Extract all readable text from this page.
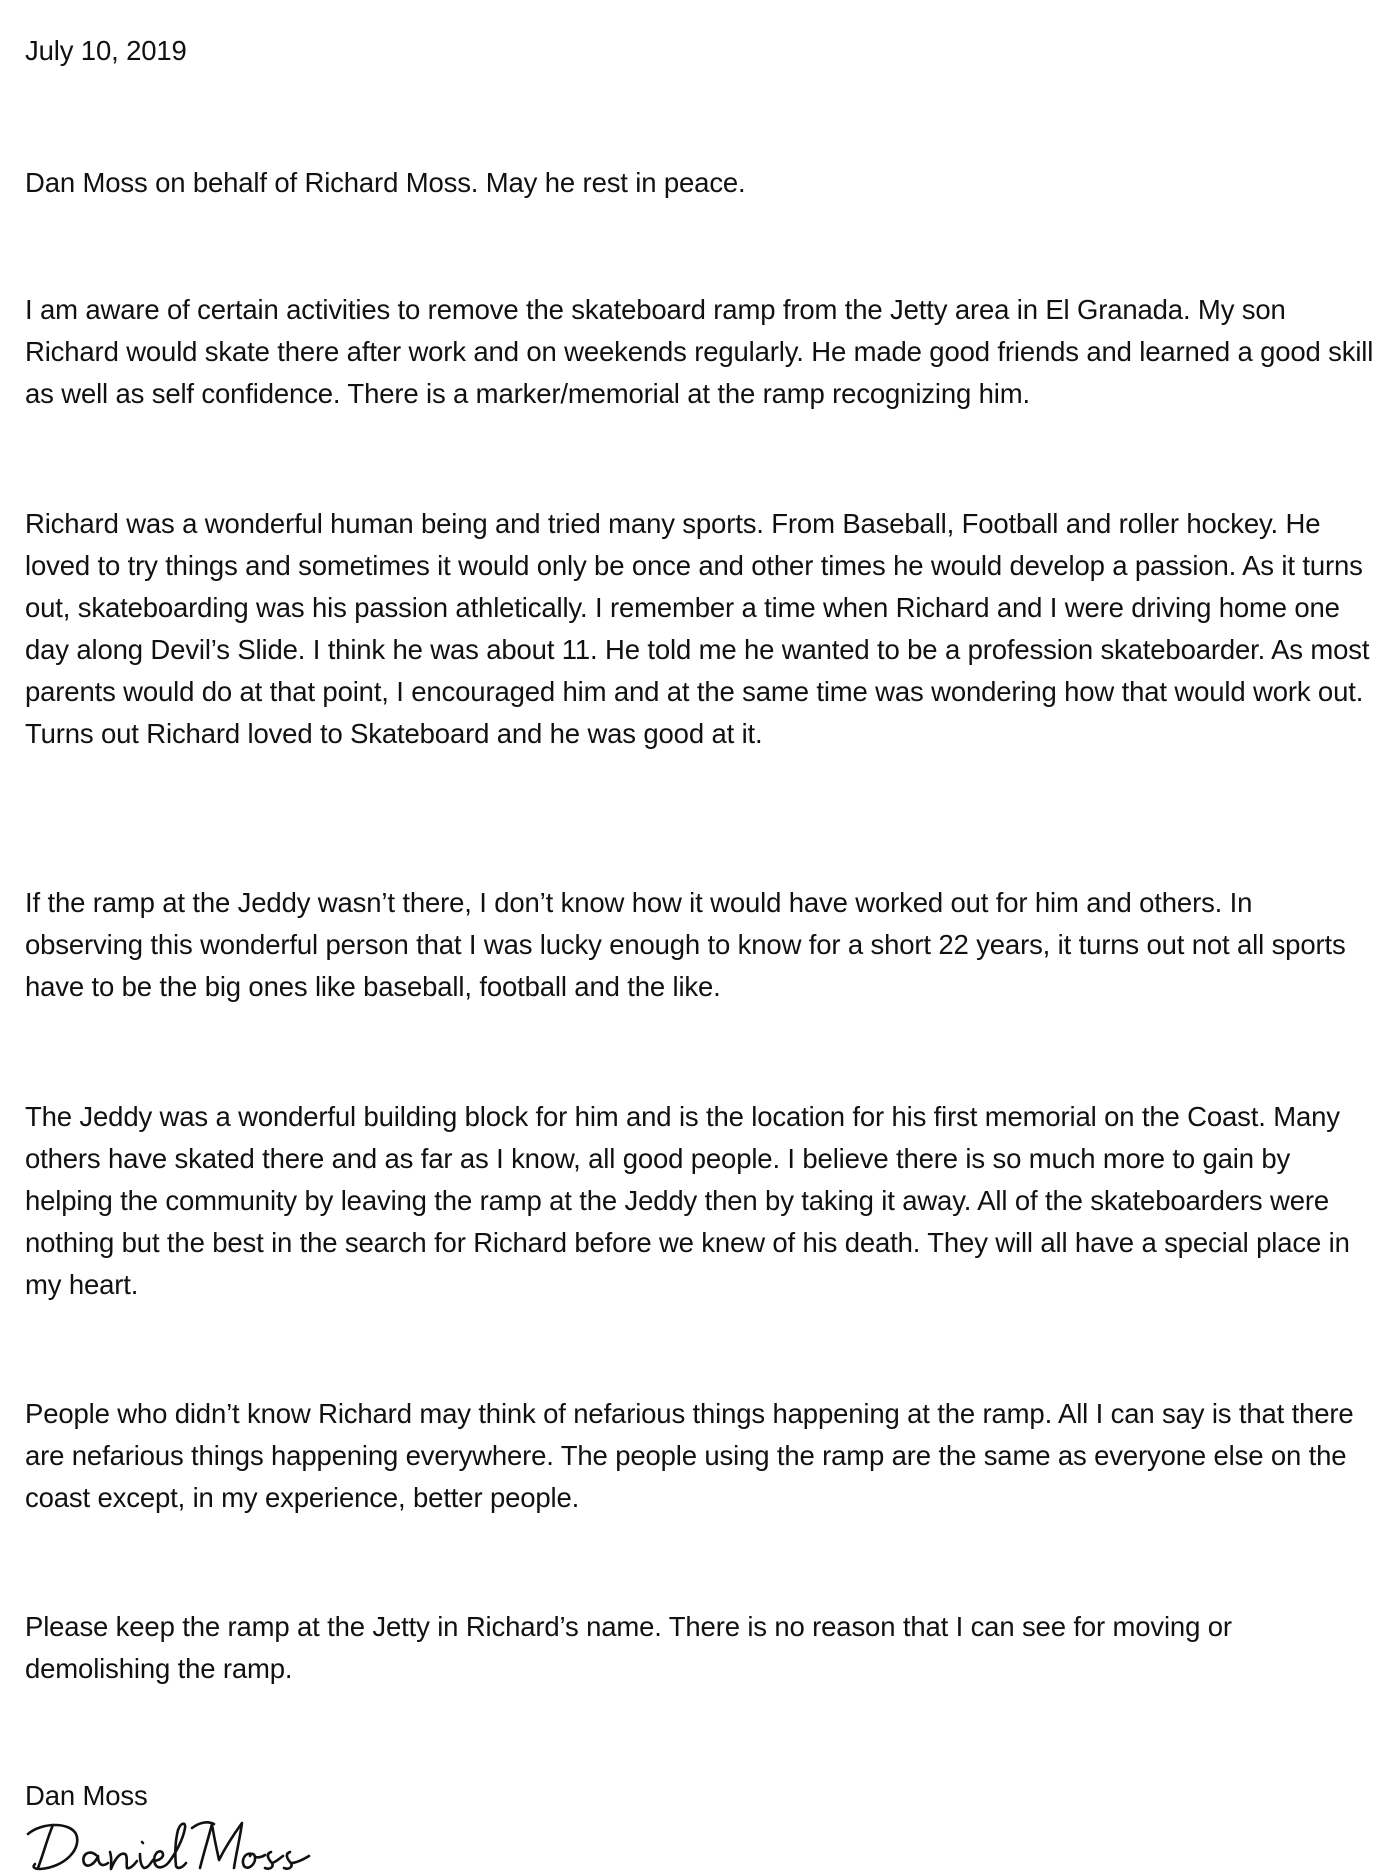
July 10, 2019

Dan Moss on behalf of Richard Moss. May he rest in peace.

I am aware of certain activities to remove the skateboard ramp from the Jetty area in El Granada. My son Richard would skate there after work and on weekends regularly. He made good friends and learned a good skill as well as self confidence. There is a marker/memorial at the ramp recognizing him.

Richard was a wonderful human being and tried many sports. From Baseball, Football and roller hockey. He loved to try things and sometimes it would only be once and other times he would develop a passion. As it turns out, skateboarding was his passion athletically. I remember a time when Richard and I were driving home one day along Devil’s Slide. I think he was about 11. He told me he wanted to be a profession skateboarder. As most parents would do at that point, I encouraged him and at the same time was wondering how that would work out. Turns out Richard loved to Skateboard and he was good at it.

If the ramp at the Jeddy wasn’t there, I don’t know how it would have worked out for him and others. In observing this wonderful person that I was lucky enough to know for a short 22 years, it turns out not all sports have to be the big ones like baseball, football and the like.

The Jeddy was a wonderful building block for him and is the location for his first memorial on the Coast. Many others have skated there and as far as I know, all good people. I believe there is so much more to gain by helping the community by leaving the ramp at the Jeddy then by taking it away. All of the skateboarders were nothing but the best in the search for Richard before we knew of his death. They will all have a special place in my heart.

People who didn’t know Richard may think of nefarious things happening at the ramp. All I can say is that there are nefarious things happening everywhere. The people using the ramp are the same as everyone else on the coast except, in my experience, better people.

Please keep the ramp at the Jetty in Richard’s name. There is no reason that I can see for moving or demolishing the ramp.

Dan Moss
